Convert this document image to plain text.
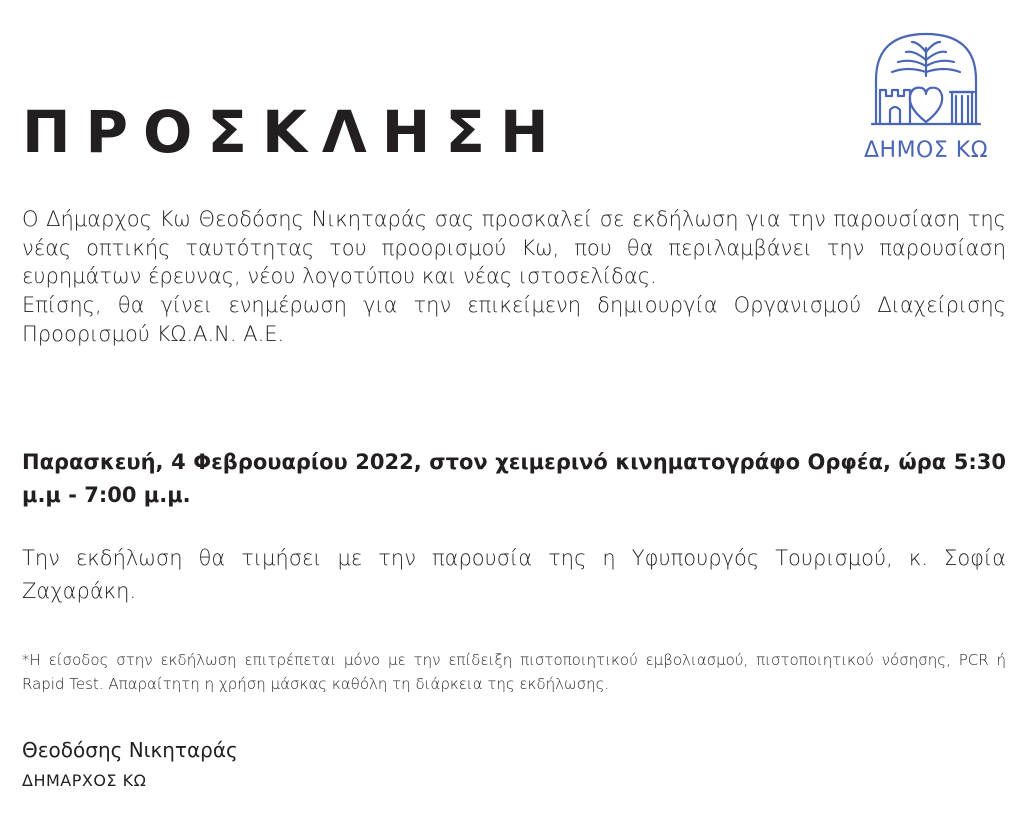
ΠΡΟΣΚΛΗΣΗ	ΔΗΜΟΣ ΚΩ
Ο Δήμαρχος Κω Θεοδόσης Νικηταράς σας προσκαλεί σε εκδήλωση για την παρουσίαση της νέας οπτικής ταυτότητας του προορισμού Κω, που θα περιλαμβάνει την παρουσίαση ευρημάτων έρευνας, νέου λογοτύπου και νέας ιστοσελίδας.
Επίσης, θα γίνει ενημέρωση για την επικείμενη δημιουργία Οργανισμού Διαχείρισης Προορισμού ΚΩ.Α.Ν. Α.Ε.

Παρασκευή, 4 Φεβρουαρίου 2022, στον χειμερινό κινηματογράφο Ορφέα, ώρα 5:30 μ.μ - 7:00 μ.μ.

Την εκδήλωση θα τιμήσει με την παρουσία της η Υφυπουργός Τουρισμού, κ. Σοφία Ζαχαράκη.

*Η είσοδος στην εκδήλωση επιτρέπεται μόνο με την επίδειξη πιστοποιητικού εμβολιασμού, πιστοποιητικού νόσησης, PCR ή Rapid Test. Απαραίτητη η χρήση μάσκας καθόλη τη διάρκεια της εκδήλωσης.

Θεοδόσης Νικηταράς

ΔΗΜΑΡΧΟΣ ΚΩ
